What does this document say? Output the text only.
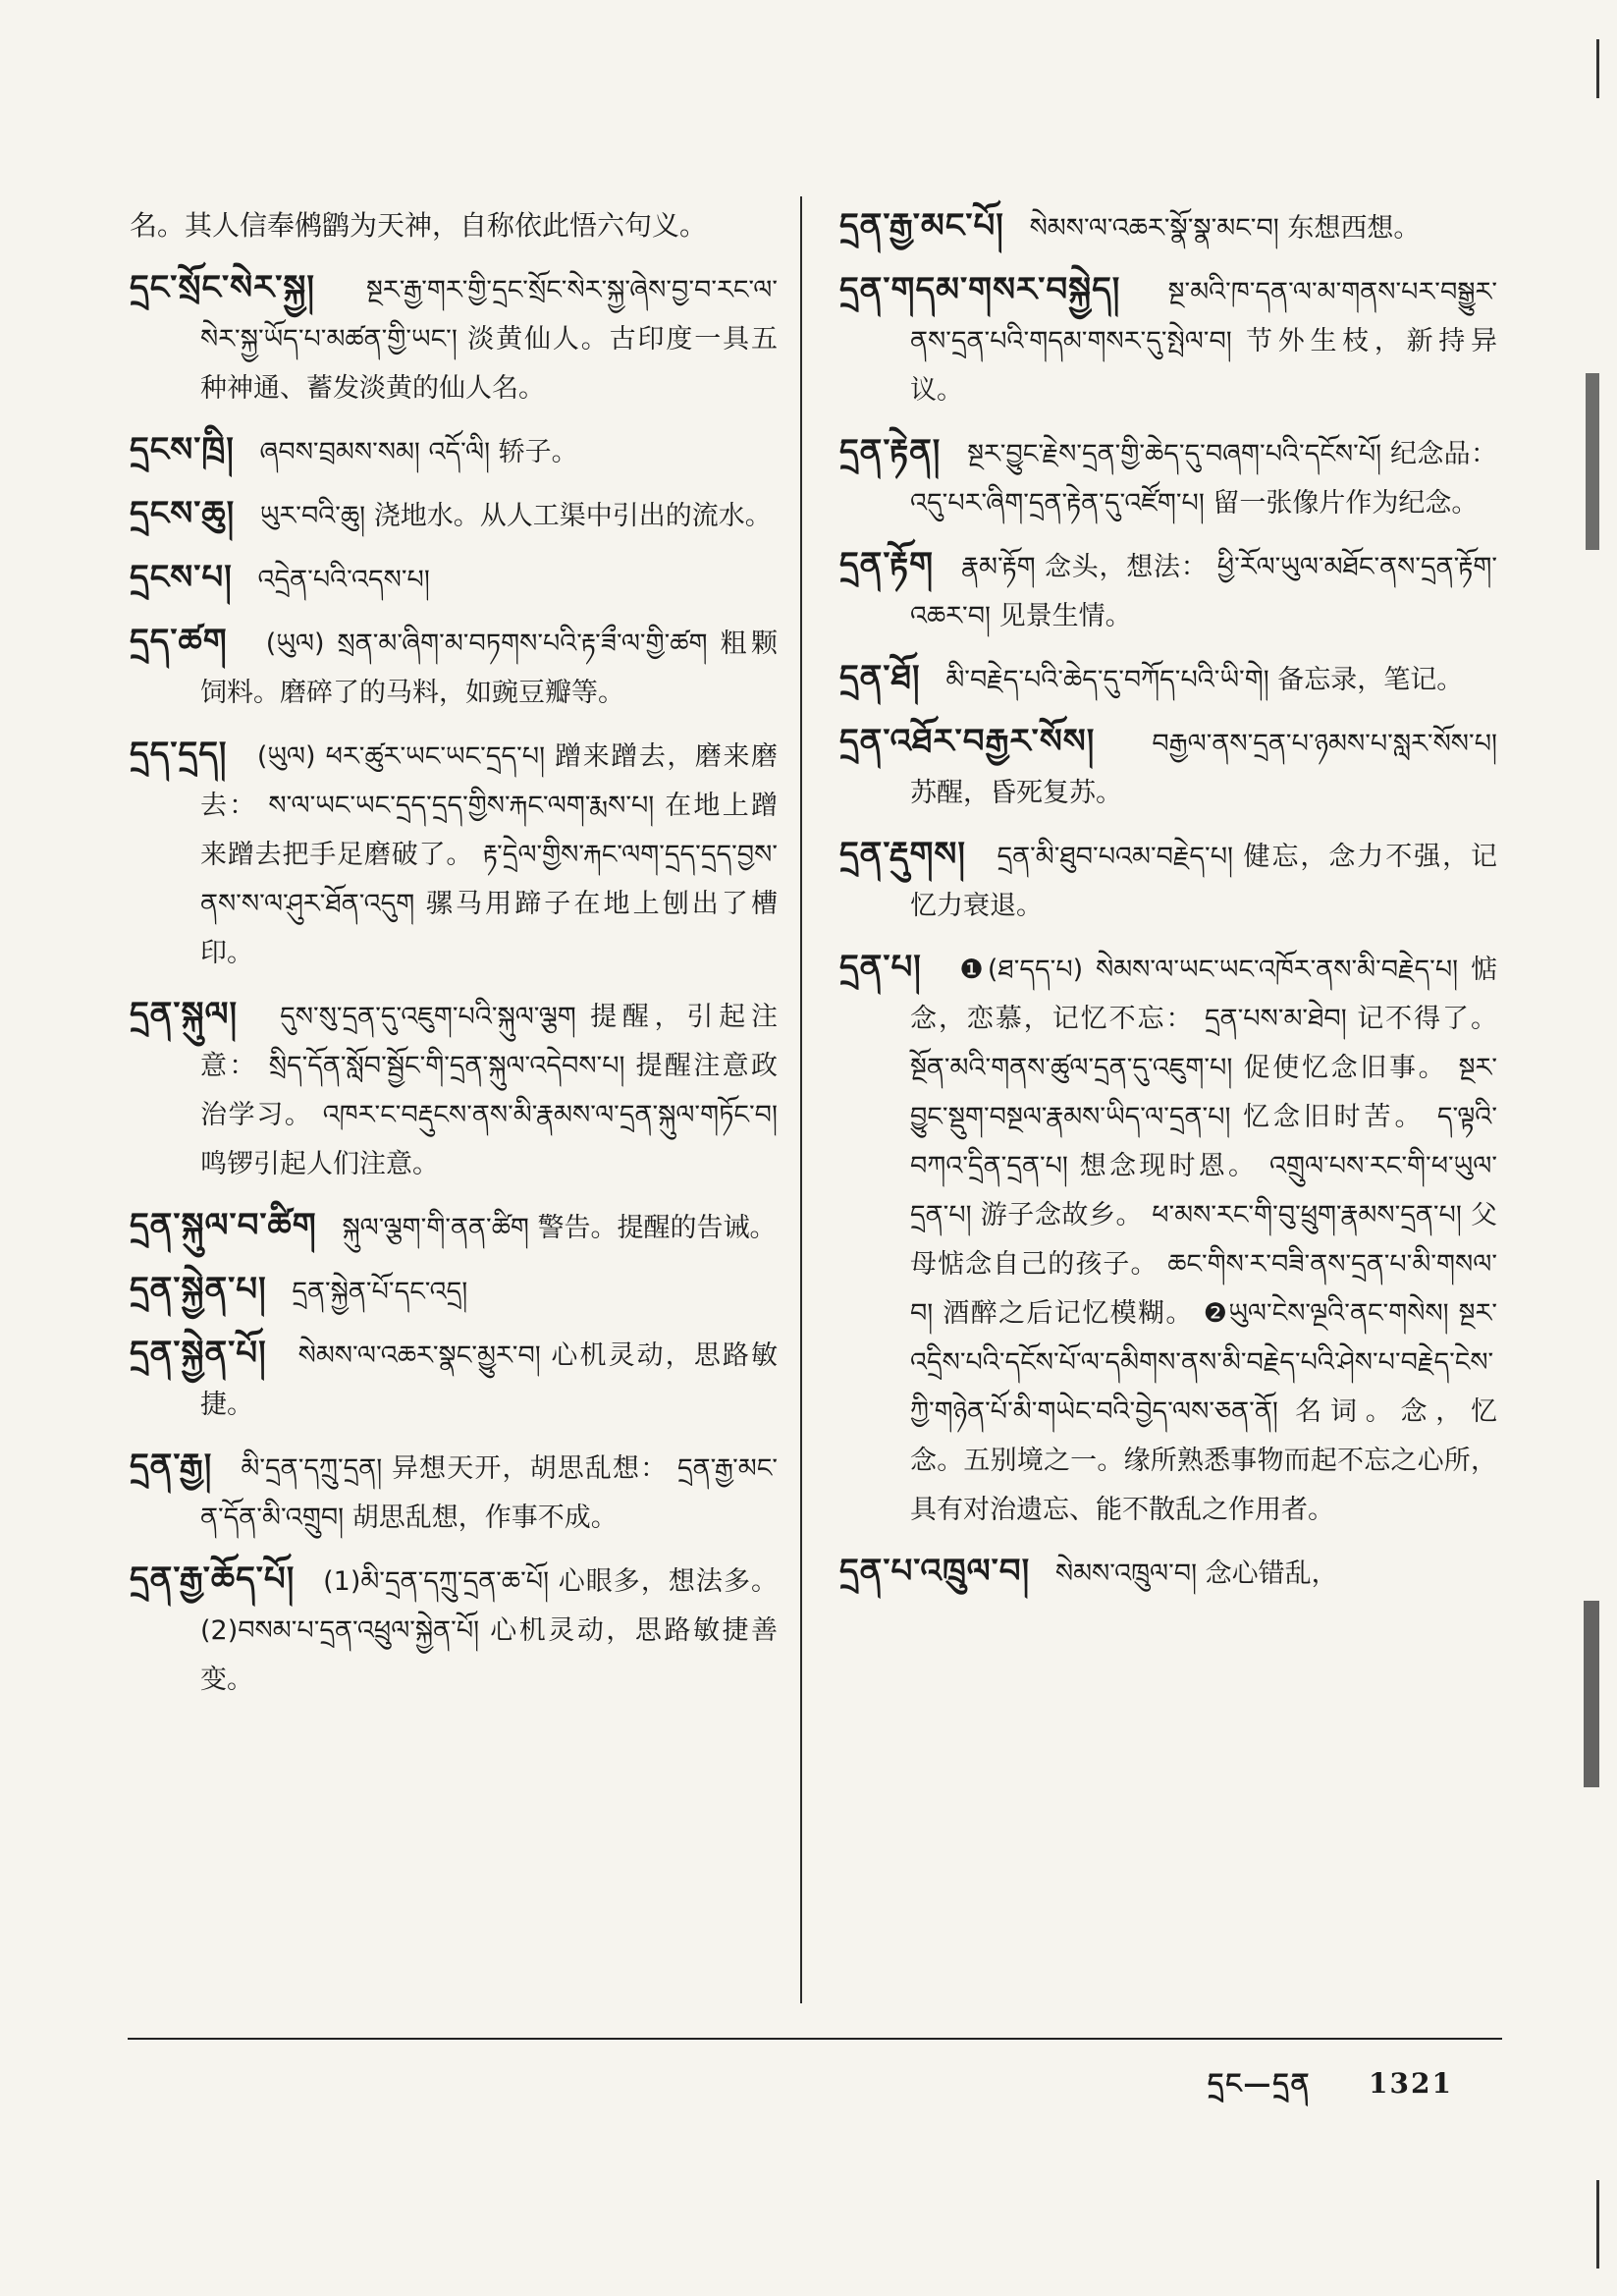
名。其人信奉鸺鹠为天神，自称依此悟六句义。

དྲང་སྲོང་སེར་སྐྱ། སྔར་རྒྱ་གར་གྱི་དྲང་སྲོང་སེར་སྐྱ་ཞེས་བྱ་བ་རང་ལ་སེར་སྐྱ་ཡོད་པ་མཚན་གྱི་ཡང་། 淡黄仙人。古印度一具五种神通、蓄发淡黄的仙人名。

དྲངས་ཁྲི། ཞབས་བྲམས་སམ། འདོ་ལི། 轿子。

དྲངས་ཆུ། ཡུར་བའི་ཆུ། 浇地水。从人工渠中引出的流水。

དྲངས་པ། འདྲེན་པའི་འདས་པ།

དྲད་ཚག (ཡུལ) སྲན་མ་ཞིག་མ་བཏགས་པའི་རྟ་ཟྀ་ལ་གྱི་ཚག 粗颗饲料。磨碎了的马料，如豌豆瓣等。

དྲད་དྲད། (ཡུལ) ཕར་ཚུར་ཡང་ཡང་དྲད་པ། 蹭来蹭去，磨来磨去： ས་ལ་ཡང་ཡང་དྲད་དྲད་གྱིས་རྐང་ལག་རྨས་པ། 在地上蹭来蹭去把手足磨破了。 རྟ་དྲེལ་གྱིས་རྐང་ལག་དྲད་དྲད་བྱས་ནས་ས་ལ་ཤུར་ཐོན་འདུག 骡马用蹄子在地上刨出了槽印。

དྲན་སྐུལ། དུས་སུ་དྲན་དུ་འཇུག་པའི་སྐུལ་ལྕག 提醒，引起注意： སྲིད་དོན་སློབ་སྦྱོང་གི་དྲན་སྐུལ་འདེབས་པ། 提醒注意政治学习。 འཁར་ང་བརྡུངས་ནས་མི་རྣམས་ལ་དྲན་སྐུལ་གཏོང་བ། 鸣锣引起人们注意。

དྲན་སྐུལ་བ་ཚིག སྐུལ་ལྕག་གི་ནན་ཚིག 警告。提醒的告诫。

དྲན་སྐྱེན་པ། དྲན་སྐྱེན་པོ་དང་འདྲ།

དྲན་སྐྱེན་པོ། སེམས་ལ་འཆར་སྣང་མྱུར་བ། 心机灵动，思路敏捷。

དྲན་རྒྱ། མི་དྲན་དཀྲུ་དྲན། 异想天开，胡思乱想： དྲན་རྒྱ་མང་ན་དོན་མི་འགྲུབ། 胡思乱想，作事不成。

དྲན་རྒྱ་ཆོད་པོ། (1)མི་དྲན་དཀྲུ་དྲན་ཆ་པོ། 心眼多，想法多。(2)བསམ་པ་དྲན་འཕྲུལ་སྐྱེན་པོ། 心机灵动，思路敏捷善变。

དྲན་རྒྱ་མང་པོ། སེམས་ལ་འཆར་སྣོ་སྣ་མང་བ། 东想西想。

དྲན་གདམ་གསར་བསྐྱེད། སྔ་མའི་ཁ་དན་ལ་མ་གནས་པར་བསྒྱུར་ནས་དྲན་པའི་གདམ་གསར་དུ་སྤེལ་བ། 节外生枝，新持异议。

དྲན་རྟེན། སྔར་བྱུང་རྗེས་དྲན་གྱི་ཆེད་དུ་བཞག་པའི་དངོས་པོ། 纪念品： འདུ་པར་ཞིག་དྲན་རྟེན་དུ་འཛོག་པ། 留一张像片作为纪念。

དྲན་རྟོག རྣམ་རྟོག 念头，想法： ཕྱི་རོལ་ཡུལ་མཐོང་ནས་དྲན་རྟོག་འཆར་བ། 见景生情。

དྲན་ཐོ། མི་བརྗེད་པའི་ཆེད་དུ་བཀོད་པའི་ཡི་གེ། 备忘录，笔记。

དྲན་འཐོར་བརྒྱར་སོས། བརྒྱལ་ནས་དྲན་པ་ཉམས་པ་སླར་སོས་པ། 苏醒，昏死复苏。

དྲན་རྡུགས། དྲན་མི་ཐུབ་པའམ་བརྗེད་པ། 健忘，念力不强，记忆力衰退。

དྲན་པ། ❶(ཐ་དད་པ) སེམས་ལ་ཡང་ཡང་འཁོར་ནས་མི་བརྗེད་པ། 惦念，恋慕，记忆不忘： དྲན་པས་མ་ཐེབ། 记不得了。 སྔོན་མའི་གནས་ཚུལ་དྲན་དུ་འཇུག་པ། 促使忆念旧事。 སྔར་བྱུང་སྡུག་བསྔལ་རྣམས་ཡིད་ལ་དྲན་པ། 忆念旧时苦。 ད་ལྟའི་བཀའ་དྲིན་དྲན་པ། 想念现时恩。 འགྲུལ་པས་རང་གི་ཕ་ཡུལ་དྲན་པ། 游子念故乡。 ཕ་མས་རང་གི་བུ་ཕྲུག་རྣམས་དྲན་པ། 父母惦念自己的孩子。 ཆང་གིས་ར་བཟི་ནས་དྲན་པ་མི་གསལ་བ། 酒醉之后记忆模糊。 ❷ཡུལ་ངེས་ལྔའི་ནང་གསེས། སྔར་འདྲིས་པའི་དངོས་པོ་ལ་དམིགས་ནས་མི་བརྗེད་པའི་ཤེས་པ་བརྗེད་ངེས་ཀྱི་གཉེན་པོ་མི་གཡེང་བའི་བྱེད་ལས་ཅན་ནོ། 名词。念，忆念。五别境之一。缘所熟悉事物而起不忘之心所，具有对治遗忘、能不散乱之作用者。

དྲན་པ་འཁྲུལ་བ། སེམས་འཁྲུལ་བ། 念心错乱，

དྲང—དྲན 1321
